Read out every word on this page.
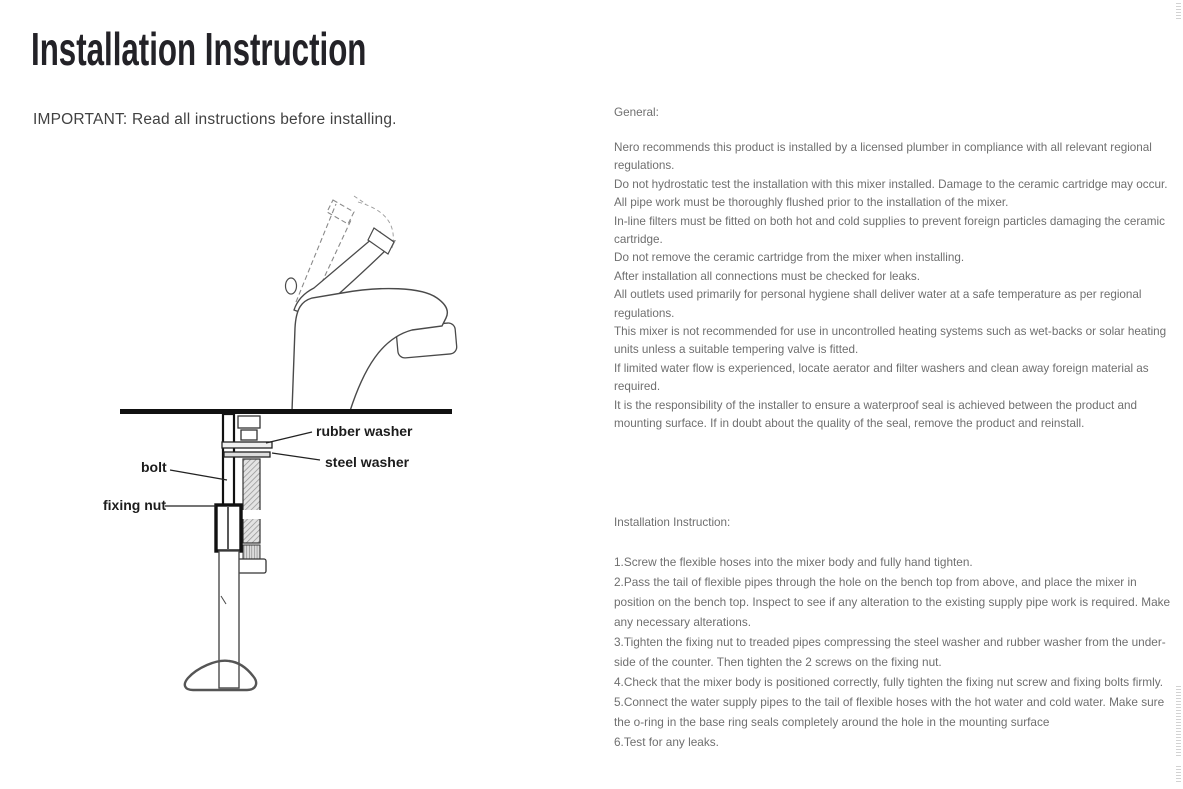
Installation Instruction
IMPORTANT: Read all instructions before installing.
rubber washer
steel washer
bolt
fixing nut

General:

Nero recommends this product is installed by a licensed plumber in compliance with all relevant regional regulations.
Do not hydrostatic test the installation with this mixer installed. Damage to the ceramic cartridge may occur.
All pipe work must be thoroughly flushed prior to the installation of the mixer.
In-line filters must be fitted on both hot and cold supplies to prevent foreign particles damaging the ceramic cartridge.
Do not remove the ceramic cartridge from the mixer when installing.
After installation all connections must be checked for leaks.
All outlets used primarily for personal hygiene shall deliver water at a safe temperature as per regional regulations.
This mixer is not recommended for use in uncontrolled heating systems such as wet-backs or solar heating units unless a suitable tempering valve is fitted.
If limited water flow is experienced, locate aerator and filter washers and clean away foreign material as required.
It is the responsibility of the installer to ensure a waterproof seal is achieved between the product and mounting surface. If in doubt about the quality of the seal, remove the product and reinstall.

Installation Instruction:

1.Screw the flexible hoses into the mixer body and fully hand tighten.
2.Pass the tail of flexible pipes through the hole on the bench top from above, and place the mixer in position on the bench top. Inspect to see if any alteration to the existing supply pipe work is required. Make any necessary alterations.
3.Tighten the fixing nut to treaded pipes compressing the steel washer and rubber washer from the under-side of the counter. Then tighten the 2 screws on the fixing nut.
4.Check that the mixer body is positioned correctly, fully tighten the fixing nut screw and fixing bolts firmly.
5.Connect the water supply pipes to the tail of flexible hoses with the hot water and cold water. Make sure the o-ring in the base ring seals completely around the hole in the mounting surface
6.Test for any leaks.
